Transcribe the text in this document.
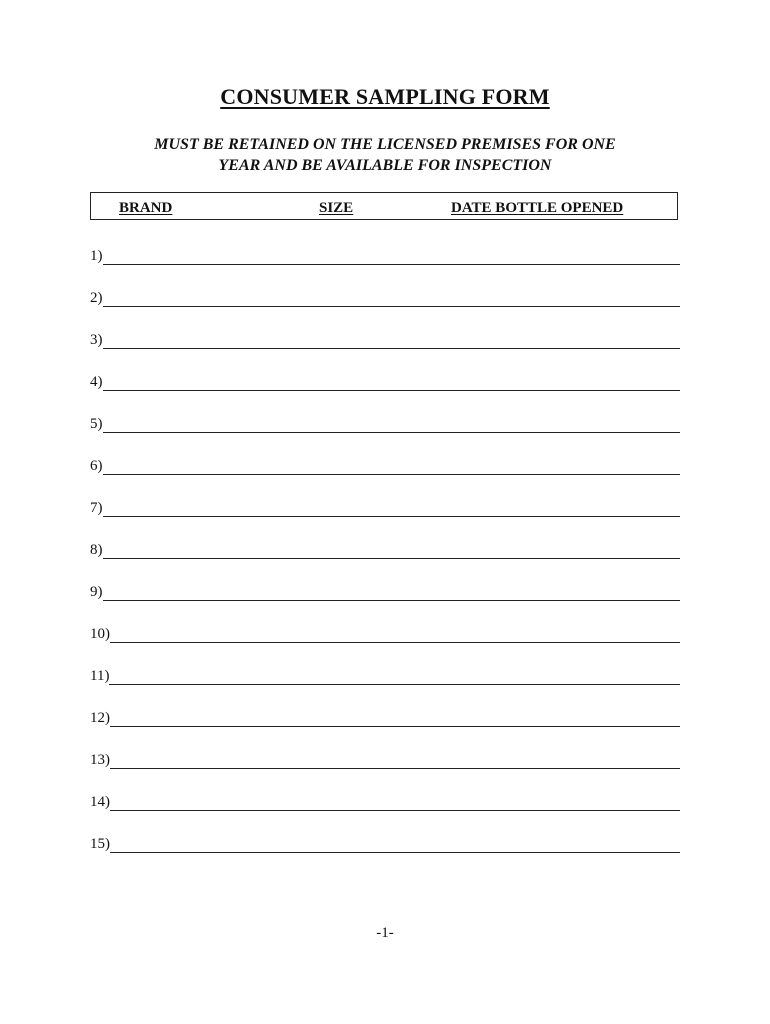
CONSUMER SAMPLING FORM
MUST BE RETAINED ON THE LICENSED PREMISES FOR ONE
YEAR AND BE AVAILABLE FOR INSPECTION
BRAND	SIZE	DATE BOTTLE OPENED
1)
2)
3)
4)
5)
6)
7)
8)
9)
10)
11)
12)
13)
14)
15)
-1-
